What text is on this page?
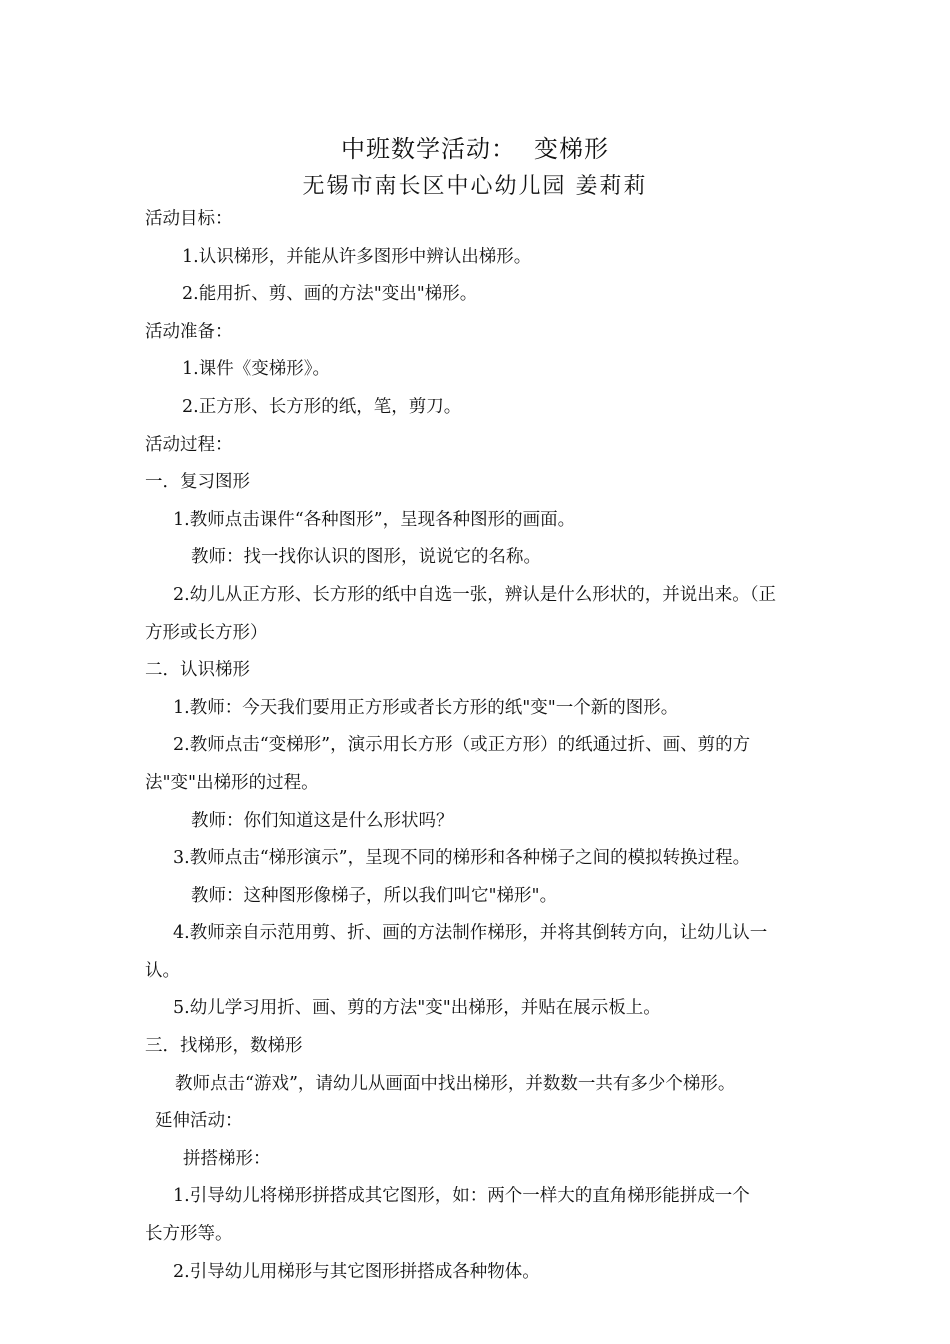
中班数学活动： 变梯形
无锡市南长区中心幼儿园 姜莉莉
活动目标：
1.认识梯形，并能从许多图形中辨认出梯形。
2.能用折、剪、画的方法"变出"梯形。
活动准备：
1.课件《变梯形》。
2.正方形、长方形的纸，笔，剪刀。
活动过程：
一．复习图形
1.教师点击课件“各种图形”，呈现各种图形的画面。
教师：找一找你认识的图形，说说它的名称。
2.幼儿从正方形、长方形的纸中自选一张，辨认是什么形状的，并说出来。（正
方形或长方形）
二．认识梯形
1.教师：今天我们要用正方形或者长方形的纸"变"一个新的图形。
2.教师点击“变梯形”，演示用长方形（或正方形）的纸通过折、画、剪的方
法"变"出梯形的过程。
教师：你们知道这是什么形状吗？
3.教师点击“梯形演示”，呈现不同的梯形和各种梯子之间的模拟转换过程。
教师：这种图形像梯子，所以我们叫它"梯形"。
4.教师亲自示范用剪、折、画的方法制作梯形，并将其倒转方向，让幼儿认一
认。
5.幼儿学习用折、画、剪的方法"变"出梯形，并贴在展示板上。
三．找梯形，数梯形
教师点击“游戏”，请幼儿从画面中找出梯形，并数数一共有多少个梯形。
延伸活动：
拼搭梯形：
1.引导幼儿将梯形拼搭成其它图形，如：两个一样大的直角梯形能拼成一个
长方形等。
2.引导幼儿用梯形与其它图形拼搭成各种物体。
